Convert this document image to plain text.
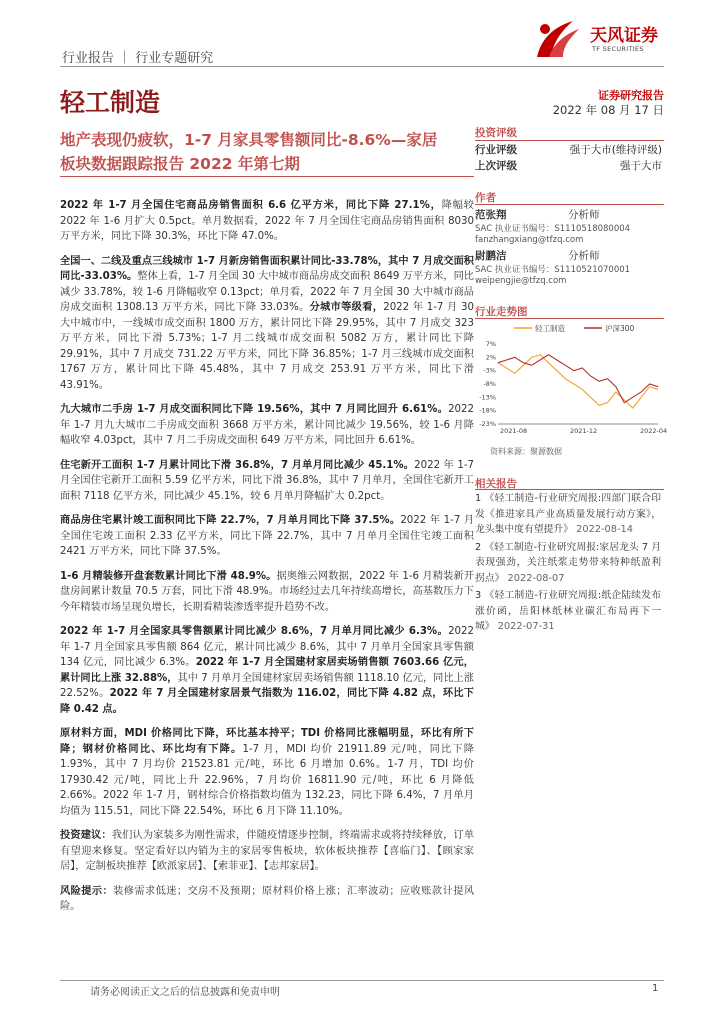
行业报告 ｜ 行业专题研究
天风证券
TF SECURITIES
轻工制造	证券研究报告
2022 年 08 月 17 日
地产表现仍疲软，1-7 月家具零售额同比-8.6%—家居
板块数据跟踪报告 2022 年第七期
投资评级
行业评级	强于大市(维持评级)
上次评级	强于大市
作者
范张翔	分析师
SAC 执业证书编号：S1110518080004
fanzhangxiang@tfzq.com
尉鹏洁	分析师
SAC 执业证书编号：S1110521070001
weipengjie@tfzq.com
行业走势图
轻工制造	沪深300
7%
2%
-3%
-8%
-13%
-18%
-23%
2021-08	2021-12	2022-04
资料来源：聚源数据
相关报告
1 《轻工制造-行业研究周报:四部门联合印发《推进家具产业高质量发展行动方案》，龙头集中度有望提升》 2022-08-14
2 《轻工制造-行业研究周报:家居龙头 7 月表现强劲，关注纸浆走势带来特种纸盈利拐点》 2022-08-07
3 《轻工制造-行业研究周报:纸企陆续发布涨价函，岳阳林纸林业碳汇布局再下一城》 2022-07-31

2022 年 1-7 月全国住宅商品房销售面积 6.6 亿平方米，同比下降 27.1%，降幅较 2022 年 1-6 月扩大 0.5pct。单月数据看，2022 年 7 月全国住宅商品房销售面积 8030 万平方米，同比下降 30.3%，环比下降 47.0%。

全国一、二线及重点三线城市 1-7 月新房销售面积累计同比-33.78%，其中 7 月成交面积同比-33.03%。整体上看，1-7 月全国 30 大中城市商品房成交面积 8649 万平方米，同比减少 33.78%，较 1-6 月降幅收窄 0.13pct；单月看，2022 年 7 月全国 30 大中城市商品房成交面积 1308.13 万平方米，同比下降 33.03%。分城市等级看，2022 年 1-7 月 30 大中城市中，一线城市成交面积 1800 万方，累计同比下降 29.95%，其中 7 月成交 323 万平方米，同比下滑 5.73%；1-7 月二线城市成交面积 5082 万方，累计同比下降 29.91%，其中 7 月成交 731.22 万平方米，同比下降 36.85%；1-7 月三线城市成交面积 1767 万方，累计同比下降 45.48%，其中 7 月成交 253.91 万平方米，同比下滑 43.91%。

九大城市二手房 1-7 月成交面积同比下降 19.56%，其中 7 月同比回升 6.61%。2022 年 1-7 月九大城市二手房成交面积 3668 万平方米，累计同比减少 19.56%，较 1-6 月降幅收窄 4.03pct，其中 7 月二手房成交面积 649 万平方米，同比回升 6.61%。

住宅新开工面积 1-7 月累计同比下滑 36.8%，7 月单月同比减少 45.1%。2022 年 1-7 月全国住宅新开工面积 5.59 亿平方米，同比下滑 36.8%，其中 7 月单月，全国住宅新开工面积 7118 亿平方米，同比减少 45.1%，较 6 月单月降幅扩大 0.2pct。

商品房住宅累计竣工面积同比下降 22.7%，7 月单月同比下降 37.5%。2022 年 1-7 月全国住宅竣工面积 2.33 亿平方米，同比下降 22.7%，其中 7 月单月全国住宅竣工面积 2421 万平方米，同比下降 37.5%。

1-6 月精装修开盘套数累计同比下滑 48.9%。据奥维云网数据，2022 年 1-6 月精装新开盘房间累计数量 70.5 万套，同比下滑 48.9%。市场经过去几年持续高增长，高基数压力下今年精装市场呈现负增长，长期看精装渗透率提升趋势不改。

2022 年 1-7 月全国家具零售额累计同比减少 8.6%，7 月单月同比减少 6.3%。2022 年 1-7 月全国家具零售额 864 亿元，累计同比减少 8.6%，其中 7 月单月全国家具零售额 134 亿元，同比减少 6.3%。2022 年 1-7 月全国建材家居卖场销售额 7603.66 亿元，累计同比上涨 32.88%，其中 7 月单月全国建材家居卖场销售额 1118.10 亿元，同比上涨 22.52%。2022 年 7 月全国建材家居景气指数为 116.02，同比下降 4.82 点，环比下降 0.42 点。

原材料方面，MDI 价格同比下降，环比基本持平；TDI 价格同比涨幅明显，环比有所下降；钢材价格同比、环比均有下降。1-7 月，MDI 均价 21911.89 元/吨，同比下降 1.93%，其中 7 月均价 21523.81 元/吨，环比 6 月增加 0.6%。1-7 月，TDI 均价 17930.42 元/吨，同比上升 22.96%，7 月均价 16811.90 元/吨，环比 6 月降低 2.66%。2022 年 1-7 月，钢材综合价格指数均值为 132.23，同比下降 6.4%，7 月单月均值为 115.51，同比下降 22.54%，环比 6 月下降 11.10%。

投资建议：我们认为家装多为刚性需求，伴随疫情逐步控制，终端需求或将持续释放，订单有望迎来修复。坚定看好以内销为主的家居零售板块，软体板块推荐【喜临门】、【顾家家居】，定制板块推荐【欧派家居】、【索菲亚】、【志邦家居】。

风险提示：装修需求低迷；交房不及预期；原材料价格上涨；汇率波动；应收账款计提风险。

请务必阅读正文之后的信息披露和免责申明	1
